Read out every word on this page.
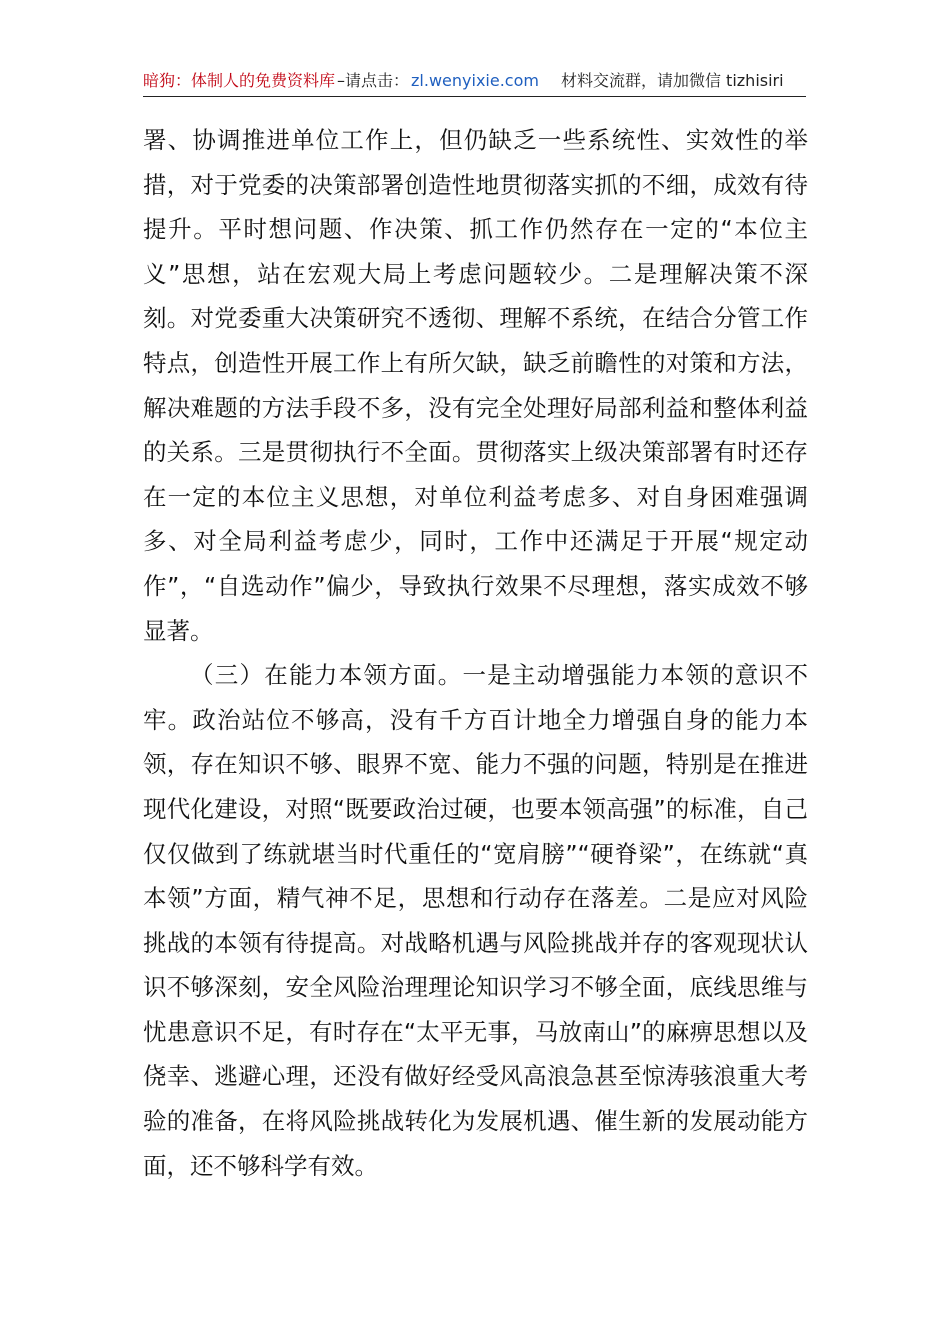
暗狗：体制人的免费资料库 –请点击： zl.wenyixie.com 材料交流群，请加微信 tizhisiri

署、协调推进单位工作上，但仍缺乏一些系统性、实效性的举措，对于党委的决策部署创造性地贯彻落实抓的不细，成效有待提升。平时想问题、作决策、抓工作仍然存在一定的“本位主义”思想，站在宏观大局上考虑问题较少。二是理解决策不深刻。对党委重大决策研究不透彻、理解不系统，在结合分管工作特点，创造性开展工作上有所欠缺，缺乏前瞻性的对策和方法，解决难题的方法手段不多，没有完全处理好局部利益和整体利益的关系。三是贯彻执行不全面。贯彻落实上级决策部署有时还存在一定的本位主义思想，对单位利益考虑多、对自身困难强调多、对全局利益考虑少，同时，工作中还满足于开展“规定动作”，“自选动作”偏少，导致执行效果不尽理想，落实成效不够显著。

（三）在能力本领方面。一是主动增强能力本领的意识不牢。政治站位不够高，没有千方百计地全力增强自身的能力本领，存在知识不够、眼界不宽、能力不强的问题，特别是在推进现代化建设，对照“既要政治过硬，也要本领高强”的标准，自己仅仅做到了练就堪当时代重任的“宽肩膀”“硬脊梁”，在练就“真本领”方面，精气神不足，思想和行动存在落差。二是应对风险挑战的本领有待提高。对战略机遇与风险挑战并存的客观现状认识不够深刻，安全风险治理理论知识学习不够全面，底线思维与忧患意识不足，有时存在“太平无事，马放南山”的麻痹思想以及侥幸、逃避心理，还没有做好经受风高浪急甚至惊涛骇浪重大考验的准备，在将风险挑战转化为发展机遇、催生新的发展动能方面，还不够科学有效。
